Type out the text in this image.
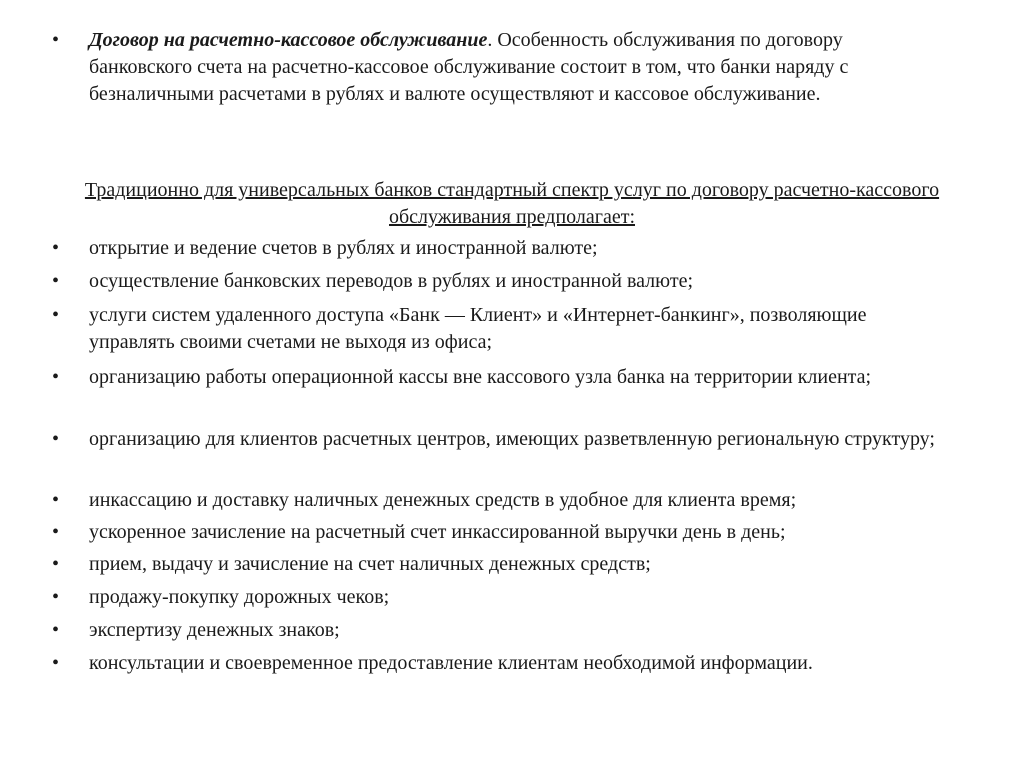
•	Договор на расчетно-кассовое обслуживание. Особенность обслуживания по договору банковского счета на расчетно-кассовое обслуживание состоит в том, что банки наряду с безналичными расчетами в рублях и валюте осуществляют и кассовое обслуживание.
Традиционно для универсальных банков стандартный спектр услуг по договору расчетно-кассового обслуживания предполагает:
•	открытие и ведение счетов в рублях и иностранной валюте;
•	осуществление банковских переводов в рублях и иностранной валюте;
•	услуги систем удаленного доступа «Банк — Клиент» и «Интернет-банкинг», позволяющие управлять своими счетами не выходя из офиса;
•	организацию работы операционной кассы вне кассового узла банка на территории клиента;
•	организацию для клиентов расчетных центров, имеющих разветвленную региональную структуру;
•	инкассацию и доставку наличных денежных средств в удобное для клиента время;
•	ускоренное зачисление на расчетный счет инкассированной выручки день в день;
•	прием, выдачу и зачисление на счет наличных денежных средств;
•	продажу-покупку дорожных чеков;
•	экспертизу денежных знаков;
•	консультации и своевременное предоставление клиентам необходимой информации.
